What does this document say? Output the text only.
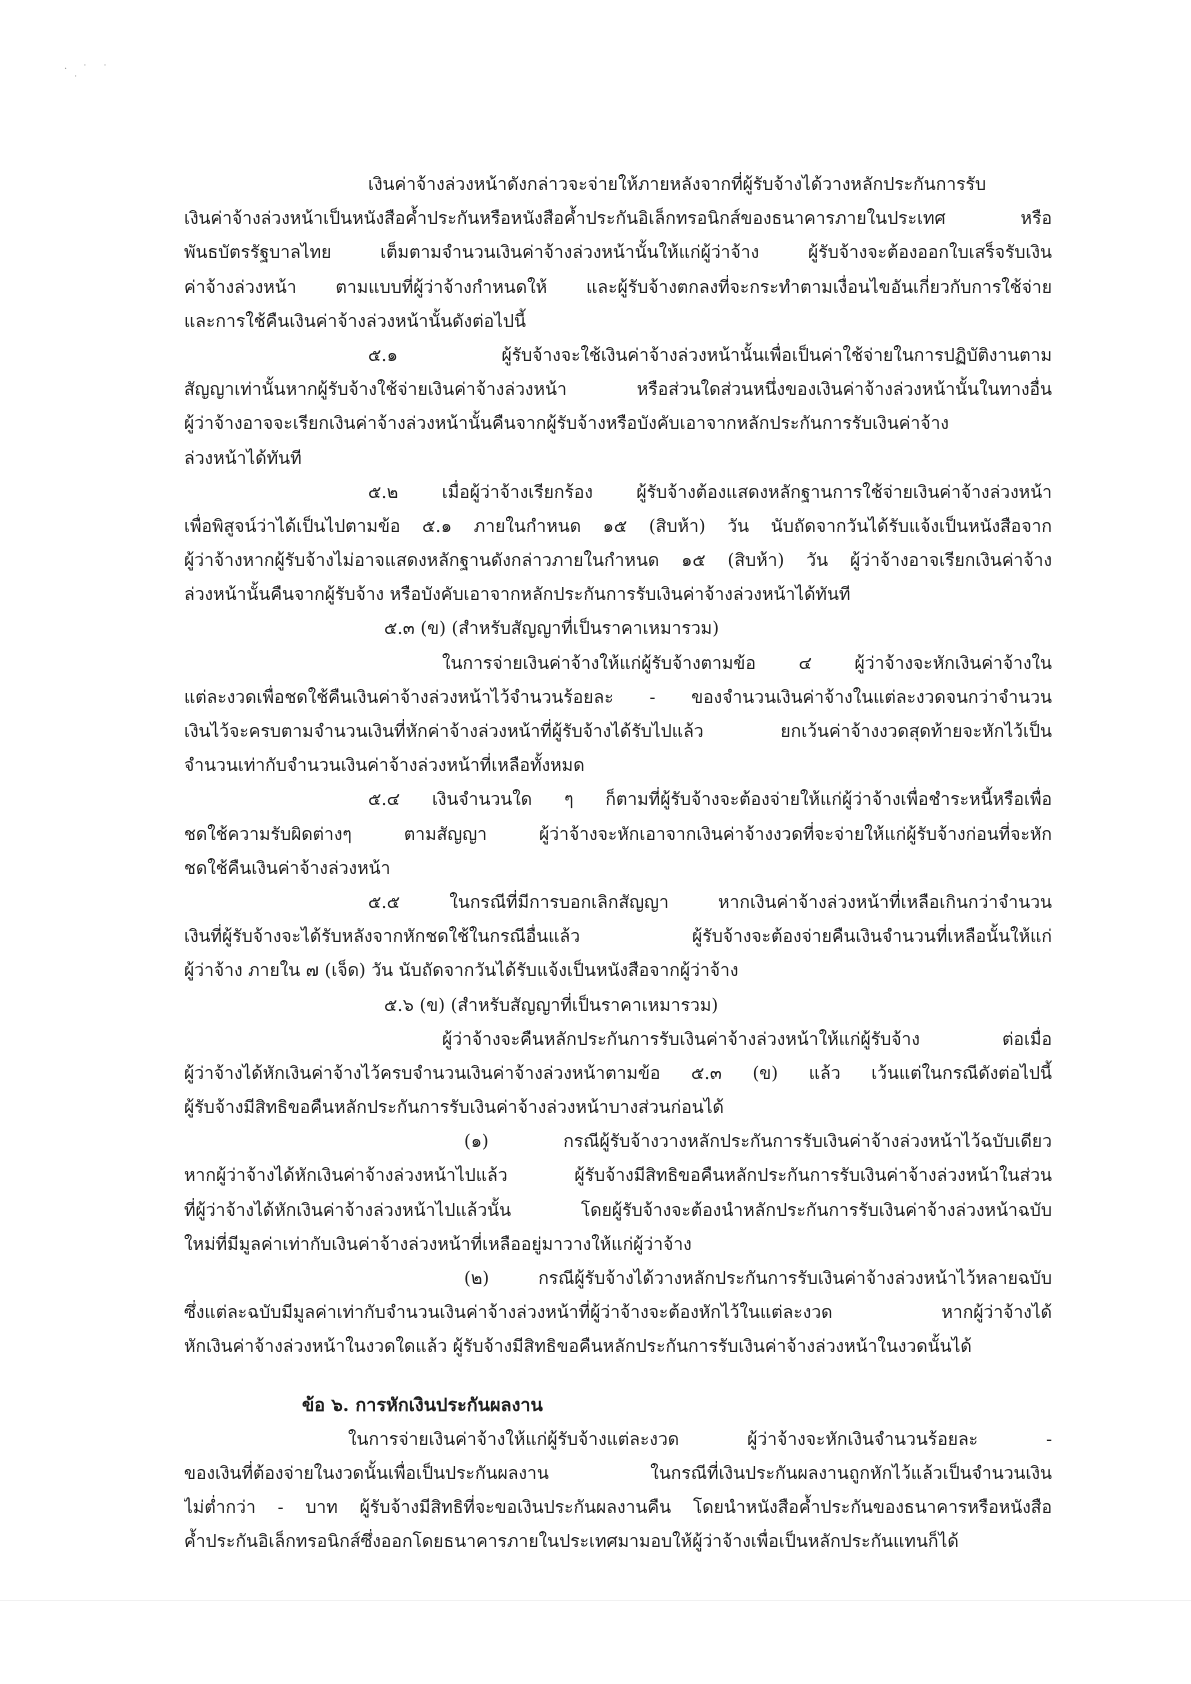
· ˙ ˙
˙
เงินค่าจ้างล่วงหน้าดังกล่าวจะจ่ายให้ภายหลังจากที่ผู้รับจ้างได้วางหลักประกันการรับ
เงินค่าจ้างล่วงหน้าเป็นหนังสือค้ำประกันหรือหนังสือค้ำประกันอิเล็กทรอนิกส์ของธนาคารภายในประเทศ หรือ
พันธบัตรรัฐบาลไทย เต็มตามจำนวนเงินค่าจ้างล่วงหน้านั้นให้แก่ผู้ว่าจ้าง ผู้รับจ้างจะต้องออกใบเสร็จรับเงิน
ค่าจ้างล่วงหน้า ตามแบบที่ผู้ว่าจ้างกำหนดให้ และผู้รับจ้างตกลงที่จะกระทำตามเงื่อนไขอันเกี่ยวกับการใช้จ่าย
และการใช้คืนเงินค่าจ้างล่วงหน้านั้นดังต่อไปนี้
๕.๑ ผู้รับจ้างจะใช้เงินค่าจ้างล่วงหน้านั้นเพื่อเป็นค่าใช้จ่ายในการปฏิบัติงานตาม
สัญญาเท่านั้นหากผู้รับจ้างใช้จ่ายเงินค่าจ้างล่วงหน้า หรือส่วนใดส่วนหนึ่งของเงินค่าจ้างล่วงหน้านั้นในทางอื่น
ผู้ว่าจ้างอาจจะเรียกเงินค่าจ้างล่วงหน้านั้นคืนจากผู้รับจ้างหรือบังคับเอาจากหลักประกันการรับเงินค่าจ้าง
ล่วงหน้าได้ทันที
๕.๒ เมื่อผู้ว่าจ้างเรียกร้อง ผู้รับจ้างต้องแสดงหลักฐานการใช้จ่ายเงินค่าจ้างล่วงหน้า
เพื่อพิสูจน์ว่าได้เป็นไปตามข้อ ๕.๑ ภายในกำหนด ๑๕ (สิบห้า) วัน นับถัดจากวันได้รับแจ้งเป็นหนังสือจาก
ผู้ว่าจ้างหากผู้รับจ้างไม่อาจแสดงหลักฐานดังกล่าวภายในกำหนด ๑๕ (สิบห้า) วัน ผู้ว่าจ้างอาจเรียกเงินค่าจ้าง
ล่วงหน้านั้นคืนจากผู้รับจ้าง หรือบังคับเอาจากหลักประกันการรับเงินค่าจ้างล่วงหน้าได้ทันที
๕.๓ (ข) (สำหรับสัญญาที่เป็นราคาเหมารวม)
ในการจ่ายเงินค่าจ้างให้แก่ผู้รับจ้างตามข้อ ๔ ผู้ว่าจ้างจะหักเงินค่าจ้างใน
แต่ละงวดเพื่อชดใช้คืนเงินค่าจ้างล่วงหน้าไว้จำนวนร้อยละ - ของจำนวนเงินค่าจ้างในแต่ละงวดจนกว่าจำนวน
เงินไว้จะครบตามจำนวนเงินที่หักค่าจ้างล่วงหน้าที่ผู้รับจ้างได้รับไปแล้ว ยกเว้นค่าจ้างงวดสุดท้ายจะหักไว้เป็น
จำนวนเท่ากับจำนวนเงินค่าจ้างล่วงหน้าที่เหลือทั้งหมด
๕.๔ เงินจำนวนใด ๆ ก็ตามที่ผู้รับจ้างจะต้องจ่ายให้แก่ผู้ว่าจ้างเพื่อชำระหนี้หรือเพื่อ
ชดใช้ความรับผิดต่างๆ ตามสัญญา ผู้ว่าจ้างจะหักเอาจากเงินค่าจ้างงวดที่จะจ่ายให้แก่ผู้รับจ้างก่อนที่จะหัก
ชดใช้คืนเงินค่าจ้างล่วงหน้า
๕.๕ ในกรณีที่มีการบอกเลิกสัญญา หากเงินค่าจ้างล่วงหน้าที่เหลือเกินกว่าจำนวน
เงินที่ผู้รับจ้างจะได้รับหลังจากหักชดใช้ในกรณีอื่นแล้ว ผู้รับจ้างจะต้องจ่ายคืนเงินจำนวนที่เหลือนั้นให้แก่
ผู้ว่าจ้าง ภายใน ๗ (เจ็ด) วัน นับถัดจากวันได้รับแจ้งเป็นหนังสือจากผู้ว่าจ้าง
๕.๖ (ข) (สำหรับสัญญาที่เป็นราคาเหมารวม)
ผู้ว่าจ้างจะคืนหลักประกันการรับเงินค่าจ้างล่วงหน้าให้แก่ผู้รับจ้าง ต่อเมื่อ
ผู้ว่าจ้างได้หักเงินค่าจ้างไว้ครบจำนวนเงินค่าจ้างล่วงหน้าตามข้อ ๕.๓ (ข) แล้ว เว้นแต่ในกรณีดังต่อไปนี้
ผู้รับจ้างมีสิทธิขอคืนหลักประกันการรับเงินค่าจ้างล่วงหน้าบางส่วนก่อนได้
(๑) กรณีผู้รับจ้างวางหลักประกันการรับเงินค่าจ้างล่วงหน้าไว้ฉบับเดียว
หากผู้ว่าจ้างได้หักเงินค่าจ้างล่วงหน้าไปแล้ว ผู้รับจ้างมีสิทธิขอคืนหลักประกันการรับเงินค่าจ้างล่วงหน้าในส่วน
ที่ผู้ว่าจ้างได้หักเงินค่าจ้างล่วงหน้าไปแล้วนั้น โดยผู้รับจ้างจะต้องนำหลักประกันการรับเงินค่าจ้างล่วงหน้าฉบับ
ใหม่ที่มีมูลค่าเท่ากับเงินค่าจ้างล่วงหน้าที่เหลืออยู่มาวางให้แก่ผู้ว่าจ้าง
(๒) กรณีผู้รับจ้างได้วางหลักประกันการรับเงินค่าจ้างล่วงหน้าไว้หลายฉบับ
ซึ่งแต่ละฉบับมีมูลค่าเท่ากับจำนวนเงินค่าจ้างล่วงหน้าที่ผู้ว่าจ้างจะต้องหักไว้ในแต่ละงวด หากผู้ว่าจ้างได้
หักเงินค่าจ้างล่วงหน้าในงวดใดแล้ว ผู้รับจ้างมีสิทธิขอคืนหลักประกันการรับเงินค่าจ้างล่วงหน้าในงวดนั้นได้
ข้อ ๖. การหักเงินประกันผลงาน
ในการจ่ายเงินค่าจ้างให้แก่ผู้รับจ้างแต่ละงวด ผู้ว่าจ้างจะหักเงินจำนวนร้อยละ -
ของเงินที่ต้องจ่ายในงวดนั้นเพื่อเป็นประกันผลงาน ในกรณีที่เงินประกันผลงานถูกหักไว้แล้วเป็นจำนวนเงิน
ไม่ต่ำกว่า - บาท ผู้รับจ้างมีสิทธิที่จะขอเงินประกันผลงานคืน โดยนำหนังสือค้ำประกันของธนาคารหรือหนังสือ
ค้ำประกันอิเล็กทรอนิกส์ซึ่งออกโดยธนาคารภายในประเทศมามอบให้ผู้ว่าจ้างเพื่อเป็นหลักประกันแทนก็ได้
